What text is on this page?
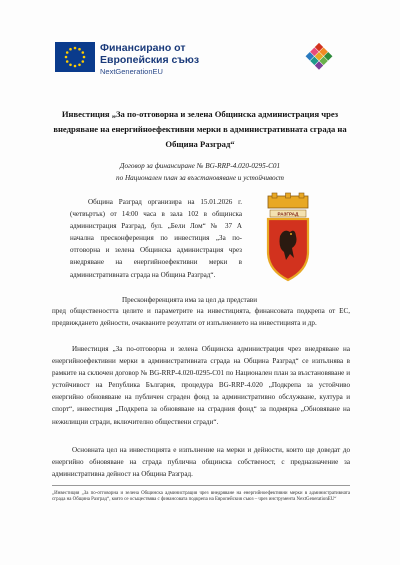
Финансирано от
Европейския съюз
NextGenerationEU
Инвестиция „За по-отговорна и зелена Общинска администрация чрез внедряване на енергийноефективни мерки в административната сграда на Община Разград“
Договор за финансиране № BG-RRP-4.020-0295-C01
по Национален план за възстановяване и устойчивост
Община Разград организира на 15.01.2026 г. (четвъртък) от 14:00 часа в зала 102 в общинска администрация Разград, бул. „Бели Лом“ № 37 А начална пресконференция по инвестиция „За по-отговорна и зелена Общинска администрация чрез внедряване на енергийноефективни мерки в административната сграда на Община Разград“.
РАЗГРАД
Пресконференцията има за цел да представи
пред обществеността целите и параметрите на инвестицията, финансовата подкрепа от ЕС, предвиждането дейности, очакваните резултати от изпълнението на инвестицията и др.
Инвестиция „За по-отговорна и зелена Общинска администрация чрез внедряване на енергийноефективни мерки в административната сграда на Община Разград“ се изпълнява в рамките на сключен договор № BG-RRP-4.020-0295-C01 по Национален план за възстановяване и устойчивост на Република България, процедура BG-RRP-4.020 „Подкрепа за устойчиво енергийно обновяване на публичен сграден фонд за административно обслужване, култура и спорт“, инвестиция „Подкрепа за обновяване на сградния фонд“ за подмярка „Обновяване на нежилищни сгради, включително обществени сгради“.
Основната цел на инвестицията е изпълнение на мерки и дейности, които ще доведат до енергийно обновяване на сграда публична общинска собственост, с предназначение за административна дейност на Община Разград.
„Инвестиция „За по-отговорна и зелена Общинска администрация чрез внедряване на енергийноефективни мерки в административната сграда на Община Разград“, която се осъществява с финансовата подкрепа на Европейския съюз – чрез инструмента NextGenerationEU“
